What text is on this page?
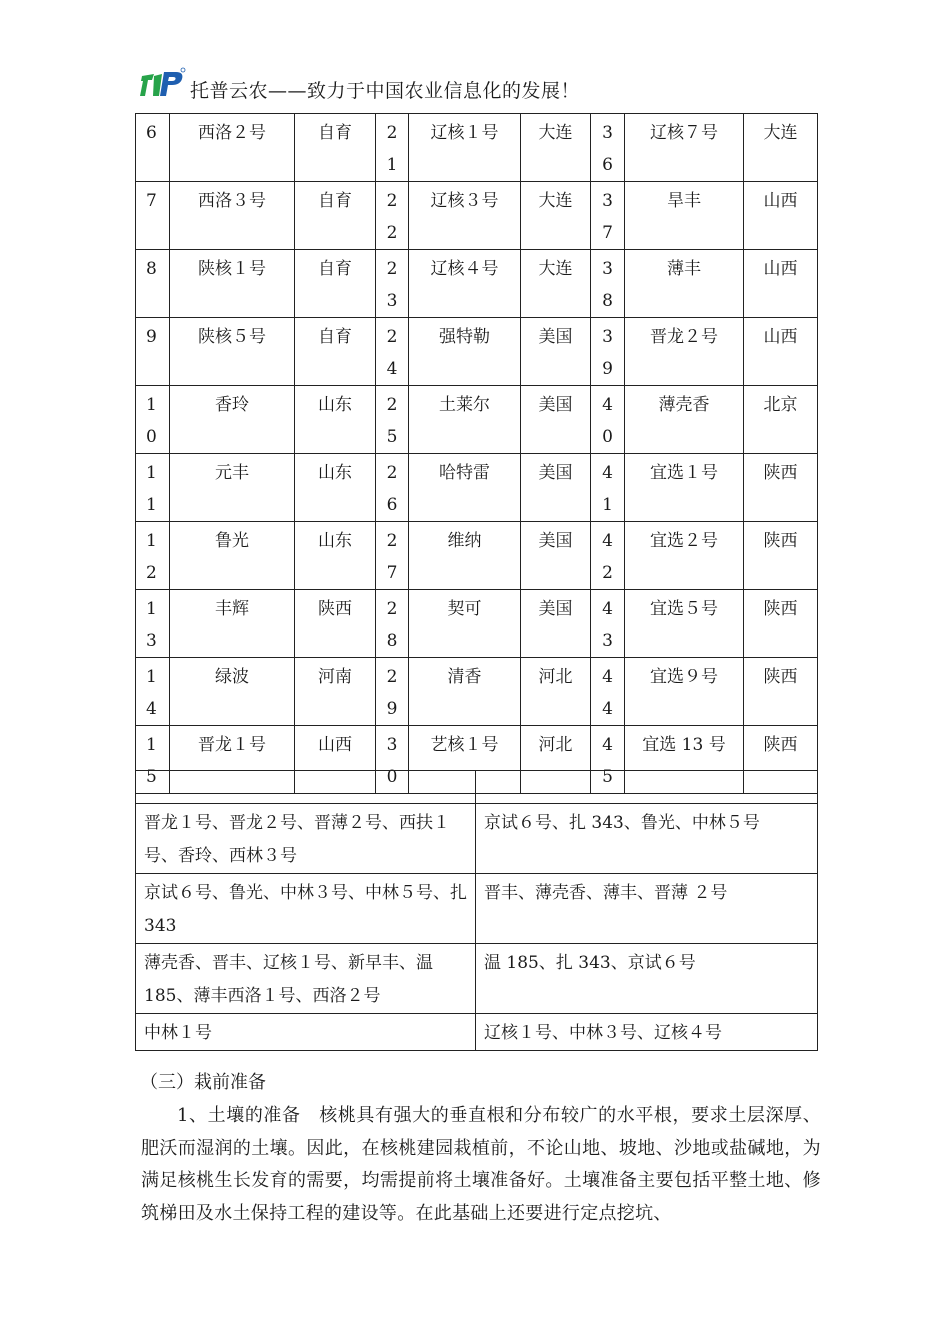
托普云农——致力于中国农业信息化的发展！
6	西洛２号	自育	21	辽核１号	大连	36	辽核７号	大连

7	西洛３号	自育	22	辽核３号	大连	37	旱丰	山西

8	陕核１号	自育	23	辽核４号	大连	38	薄丰	山西

9	陕核５号	自育	24	强特勒	美国	39	晋龙２号	山西

10	香玲	山东	25	土莱尔	美国	40	薄壳香	北京

11	元丰	山东	26	哈特雷	美国	41	宜选１号	陕西

12	鲁光	山东	27	维纳	美国	42	宜选２号	陕西

13	丰辉	陕西	28	契可	美国	43	宜选５号	陕西

14	绿波	河南	29	清香	河北	44	宜选９号	陕西

15	晋龙１号	山西	30	艺核１号	河北	45	宜选 13 号	陕西

晋龙１号、晋龙２号、晋薄２号、西扶１号、香玲、西林３号	京试６号、扎 343、鲁光、中林５号
京试６号、鲁光、中林３号、中林５号、扎 343	晋丰、薄壳香、薄丰、晋薄 ２号
薄壳香、晋丰、辽核１号、新早丰、温 185、薄丰西洛１号、西洛２号	温 185、扎 343、京试６号
中林１号	辽核１号、中林３号、辽核４号
（三）栽前准备
1、土壤的准备　核桃具有强大的垂直根和分布较广的水平根，要求土层深厚、肥沃而湿润的土壤。因此，在核桃建园栽植前，不论山地、坡地、沙地或盐碱地，为满足核桃生长发育的需要，均需提前将土壤准备好。土壤准备主要包括平整土地、修筑梯田及水土保持工程的建设等。在此基础上还要进行定点挖坑、
